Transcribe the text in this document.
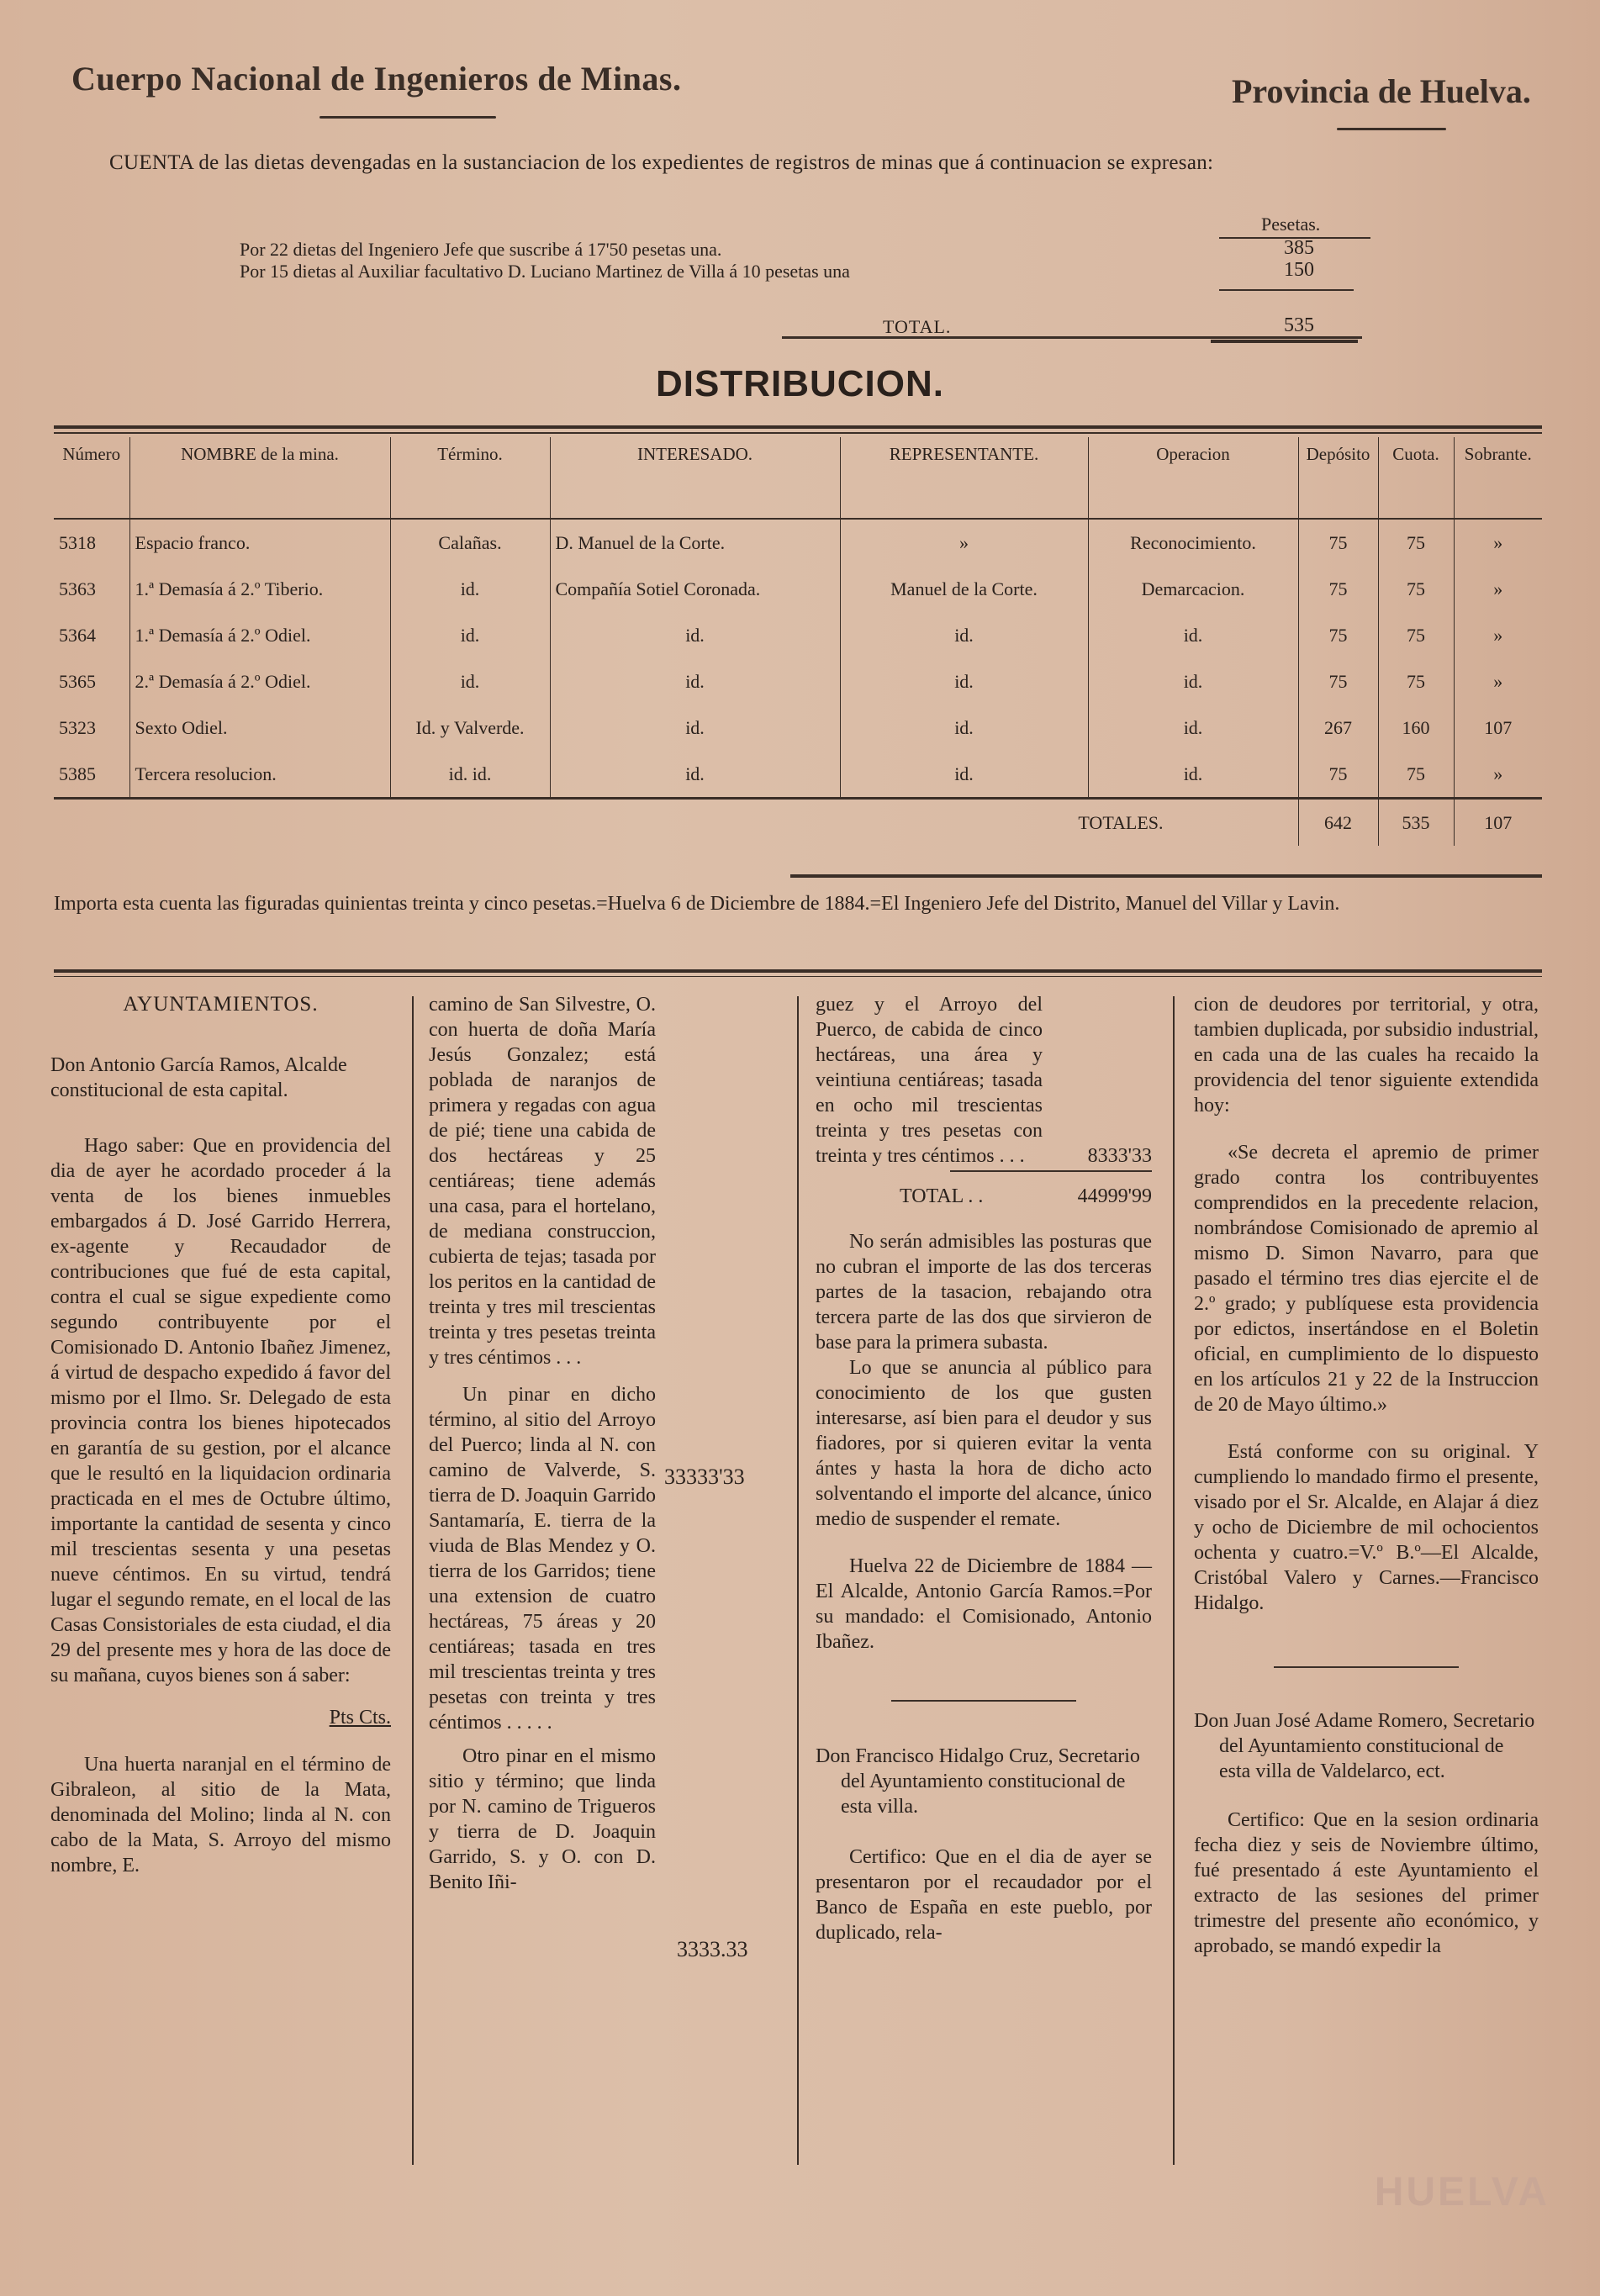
Cuerpo Nacional de Ingenieros de Minas.	Provincia de Huelva.
CUENTA de las dietas devengadas en la sustanciacion de los expedientes de registros de minas que á continuacion se expresan:
Pesetas.
Por 22 dietas del Ingeniero Jefe que suscribe á 17'50 pesetas una.	385
Por 15 dietas al Auxiliar facultativo D. Luciano Martinez de Villa á 10 pesetas una	150
TOTAL.	535
DISTRIBUCION.
Número	NOMBRE de la mina.	Término.	INTERESADO.	REPRESENTANTE.	Operacion	Depósito	Cuota.	Sobrante.
5318	Espacio franco.	Calañas.	D. Manuel de la Corte.	»	Reconocimiento.	75	75	»
5363	1.ª Demasía á 2.º Tiberio.	id.	Compañía Sotiel Coronada.	Manuel de la Corte.	Demarcacion.	75	75	»
5364	1.ª Demasía á 2.º Odiel.	id.	id.	id.	id.	75	75	»
5365	2.ª Demasía á 2.º Odiel.	id.	id.	id.	id.	75	75	»
5323	Sexto Odiel.	Id. y Valverde.	id.	id.	id.	267	160	107
5385	Tercera resolucion.	id. id.	id.	id.	id.	75	75	»
TOTALES.						642	535	107
Importa esta cuenta las figuradas quinientas treinta y cinco pesetas.=Huelva 6 de Diciembre de 1884.=El Ingeniero Jefe del Distrito, Manuel del Villar y Lavin.

AYUNTAMIENTOS.

Don Antonio García Ramos, Alcalde constitucional de esta capital.

Hago saber: Que en providencia del dia de ayer he acordado proceder á la venta de los bienes inmuebles embargados á D. José Garrido Herrera, ex-agente y Recaudador de contribuciones que fué de esta capital, contra el cual se sigue expediente como segundo contribuyente por el Comisionado D. Antonio Ibañez Jimenez, á virtud de despacho expedido á favor del mismo por el Ilmo. Sr. Delegado de esta provincia contra los bienes hipotecados en garantía de su gestion, por el alcance que le resultó en la liquidacion ordinaria practicada en el mes de Octubre último, importante la cantidad de sesenta y cinco mil trescientas sesenta y una pesetas nueve céntimos. En su virtud, tendrá lugar el segundo remate, en el local de las Casas Consistoriales de esta ciudad, el dia 29 del presente mes y hora de las doce de su mañana, cuyos bienes son á saber:

Pts Cts.

Una huerta naranjal en el término de Gibraleon, al sitio de la Mata, denominada del Molino; linda al N. con cabo de la Mata, S. Arroyo del mismo nombre, E.

camino de San Silvestre, O. con huerta de doña María Jesús Gonzalez; está poblada de naranjos de primera y regadas con agua de pié; tiene una cabida de dos hectáreas y 25 centiáreas; tiene además una casa, para el hortelano, de mediana construccion, cubierta de tejas; tasada por los peritos en la cantidad de treinta y tres mil trescientas treinta y tres pesetas treinta y tres céntimos . . .

Un pinar en dicho término, al sitio del Arroyo del Puerco; linda al N. con camino de Valverde, S. tierra de D. Joaquin Garrido Santamaría, E. tierra de la viuda de Blas Mendez y O. tierra de los Garridos; tiene una extension de cuatro hectáreas, 75 áreas y 20 centiáreas; tasada en tres mil trescientas treinta y tres pesetas con treinta y tres céntimos . . . . .

Otro pinar en el mismo sitio y término; que linda por N. camino de Trigueros y tierra de D. Joaquin Garrido, S. y O. con D. Benito Iñi-

33333'33
3333.33

guez y el Arroyo del Puerco, de cabida de cinco hectáreas, una área y veintiuna centiáreas; tasada en ocho mil trescientas treinta y tres pesetas con treinta y tres céntimos . . .	8333'33

TOTAL . .	44999'99

No serán admisibles las posturas que no cubran el importe de las dos terceras partes de la tasacion, rebajando otra tercera parte de las dos que sirvieron de base para la primera subasta.

Lo que se anuncia al público para conocimiento de los que gusten interesarse, así bien para el deudor y sus fiadores, por si quieren evitar la venta ántes y hasta la hora de dicho acto solventando el importe del alcance, único medio de suspender el remate.

Huelva 22 de Diciembre de 1884 —El Alcalde, Antonio García Ramos.=Por su mandado: el Comisionado, Antonio Ibañez.

Don Francisco Hidalgo Cruz, Secretario del Ayuntamiento constitucional de esta villa.

Certifico: Que en el dia de ayer se presentaron por el recaudador por el Banco de España en este pueblo, por duplicado, rela-

cion de deudores por territorial, y otra, tambien duplicada, por subsidio industrial, en cada una de las cuales ha recaido la providencia del tenor siguiente extendida hoy:

«Se decreta el apremio de primer grado contra los contribuyentes comprendidos en la precedente relacion, nombrándose Comisionado de apremio al mismo D. Simon Navarro, para que pasado el término tres dias ejercite el de 2.º grado; y publíquese esta providencia por edictos, insertándose en el Boletin oficial, en cumplimiento de lo dispuesto en los artículos 21 y 22 de la Instruccion de 20 de Mayo último.»

Está conforme con su original. Y cumpliendo lo mandado firmo el presente, visado por el Sr. Alcalde, en Alajar á diez y ocho de Diciembre de mil ochocientos ochenta y cuatro.=V.º B.º—El Alcalde, Cristóbal Valero y Carnes.—Francisco Hidalgo.

Don Juan José Adame Romero, Secretario del Ayuntamiento constitucional de esta villa de Valdelarco, ect.

Certifico: Que en la sesion ordinaria fecha diez y seis de Noviembre último, fué presentado á este Ayuntamiento el extracto de las sesiones del primer trimestre del presente año económico, y aprobado, se mandó expedir la

HUELVA
